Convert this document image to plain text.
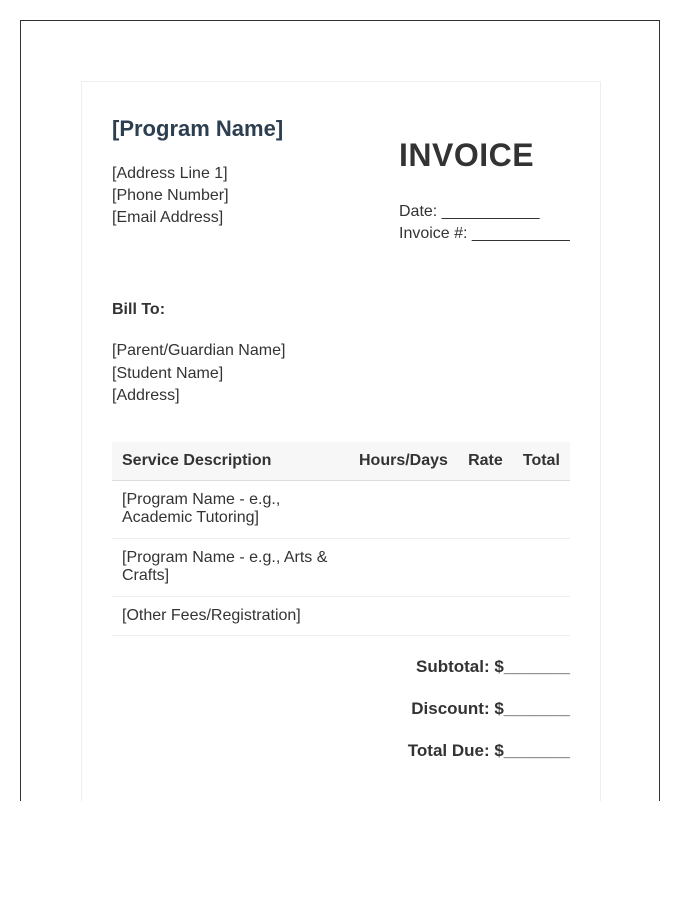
[Program Name]
[Address Line 1]
[Phone Number]
[Email Address]
INVOICE
Date: ___________
Invoice #: ___________
Bill To:
[Parent/Guardian Name]
[Student Name]
[Address]
Service Description	Hours/Days	Rate	Total
[Program Name - e.g., Academic Tutoring]			
[Program Name - e.g., Arts & Crafts]			
[Other Fees/Registration]			
Subtotal: $_______
Discount: $_______
Total Due: $_______
